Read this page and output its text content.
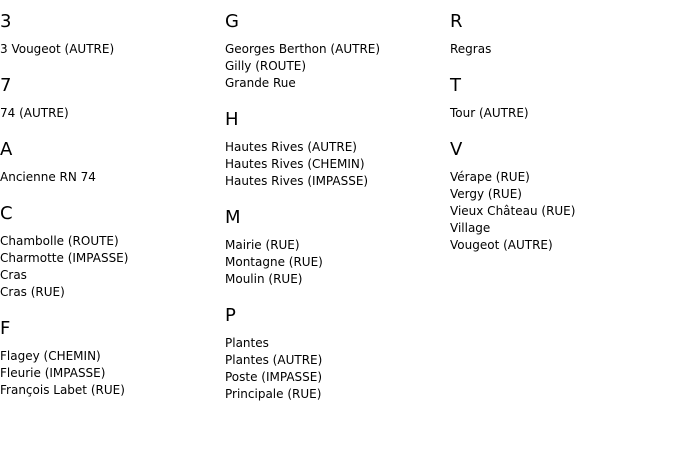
3
3 Vougeot (AUTRE)
7
74 (AUTRE)
A
Ancienne RN 74
C
Chambolle (ROUTE)
Charmotte (IMPASSE)
Cras
Cras (RUE)
F
Flagey (CHEMIN)
Fleurie (IMPASSE)
François Labet (RUE)
G
Georges Berthon (AUTRE)
Gilly (ROUTE)
Grande Rue
H
Hautes Rives (AUTRE)
Hautes Rives (CHEMIN)
Hautes Rives (IMPASSE)
M
Mairie (RUE)
Montagne (RUE)
Moulin (RUE)
P
Plantes
Plantes (AUTRE)
Poste (IMPASSE)
Principale (RUE)
R
Regras
T
Tour (AUTRE)
V
Vérape (RUE)
Vergy (RUE)
Vieux Château (RUE)
Village
Vougeot (AUTRE)
